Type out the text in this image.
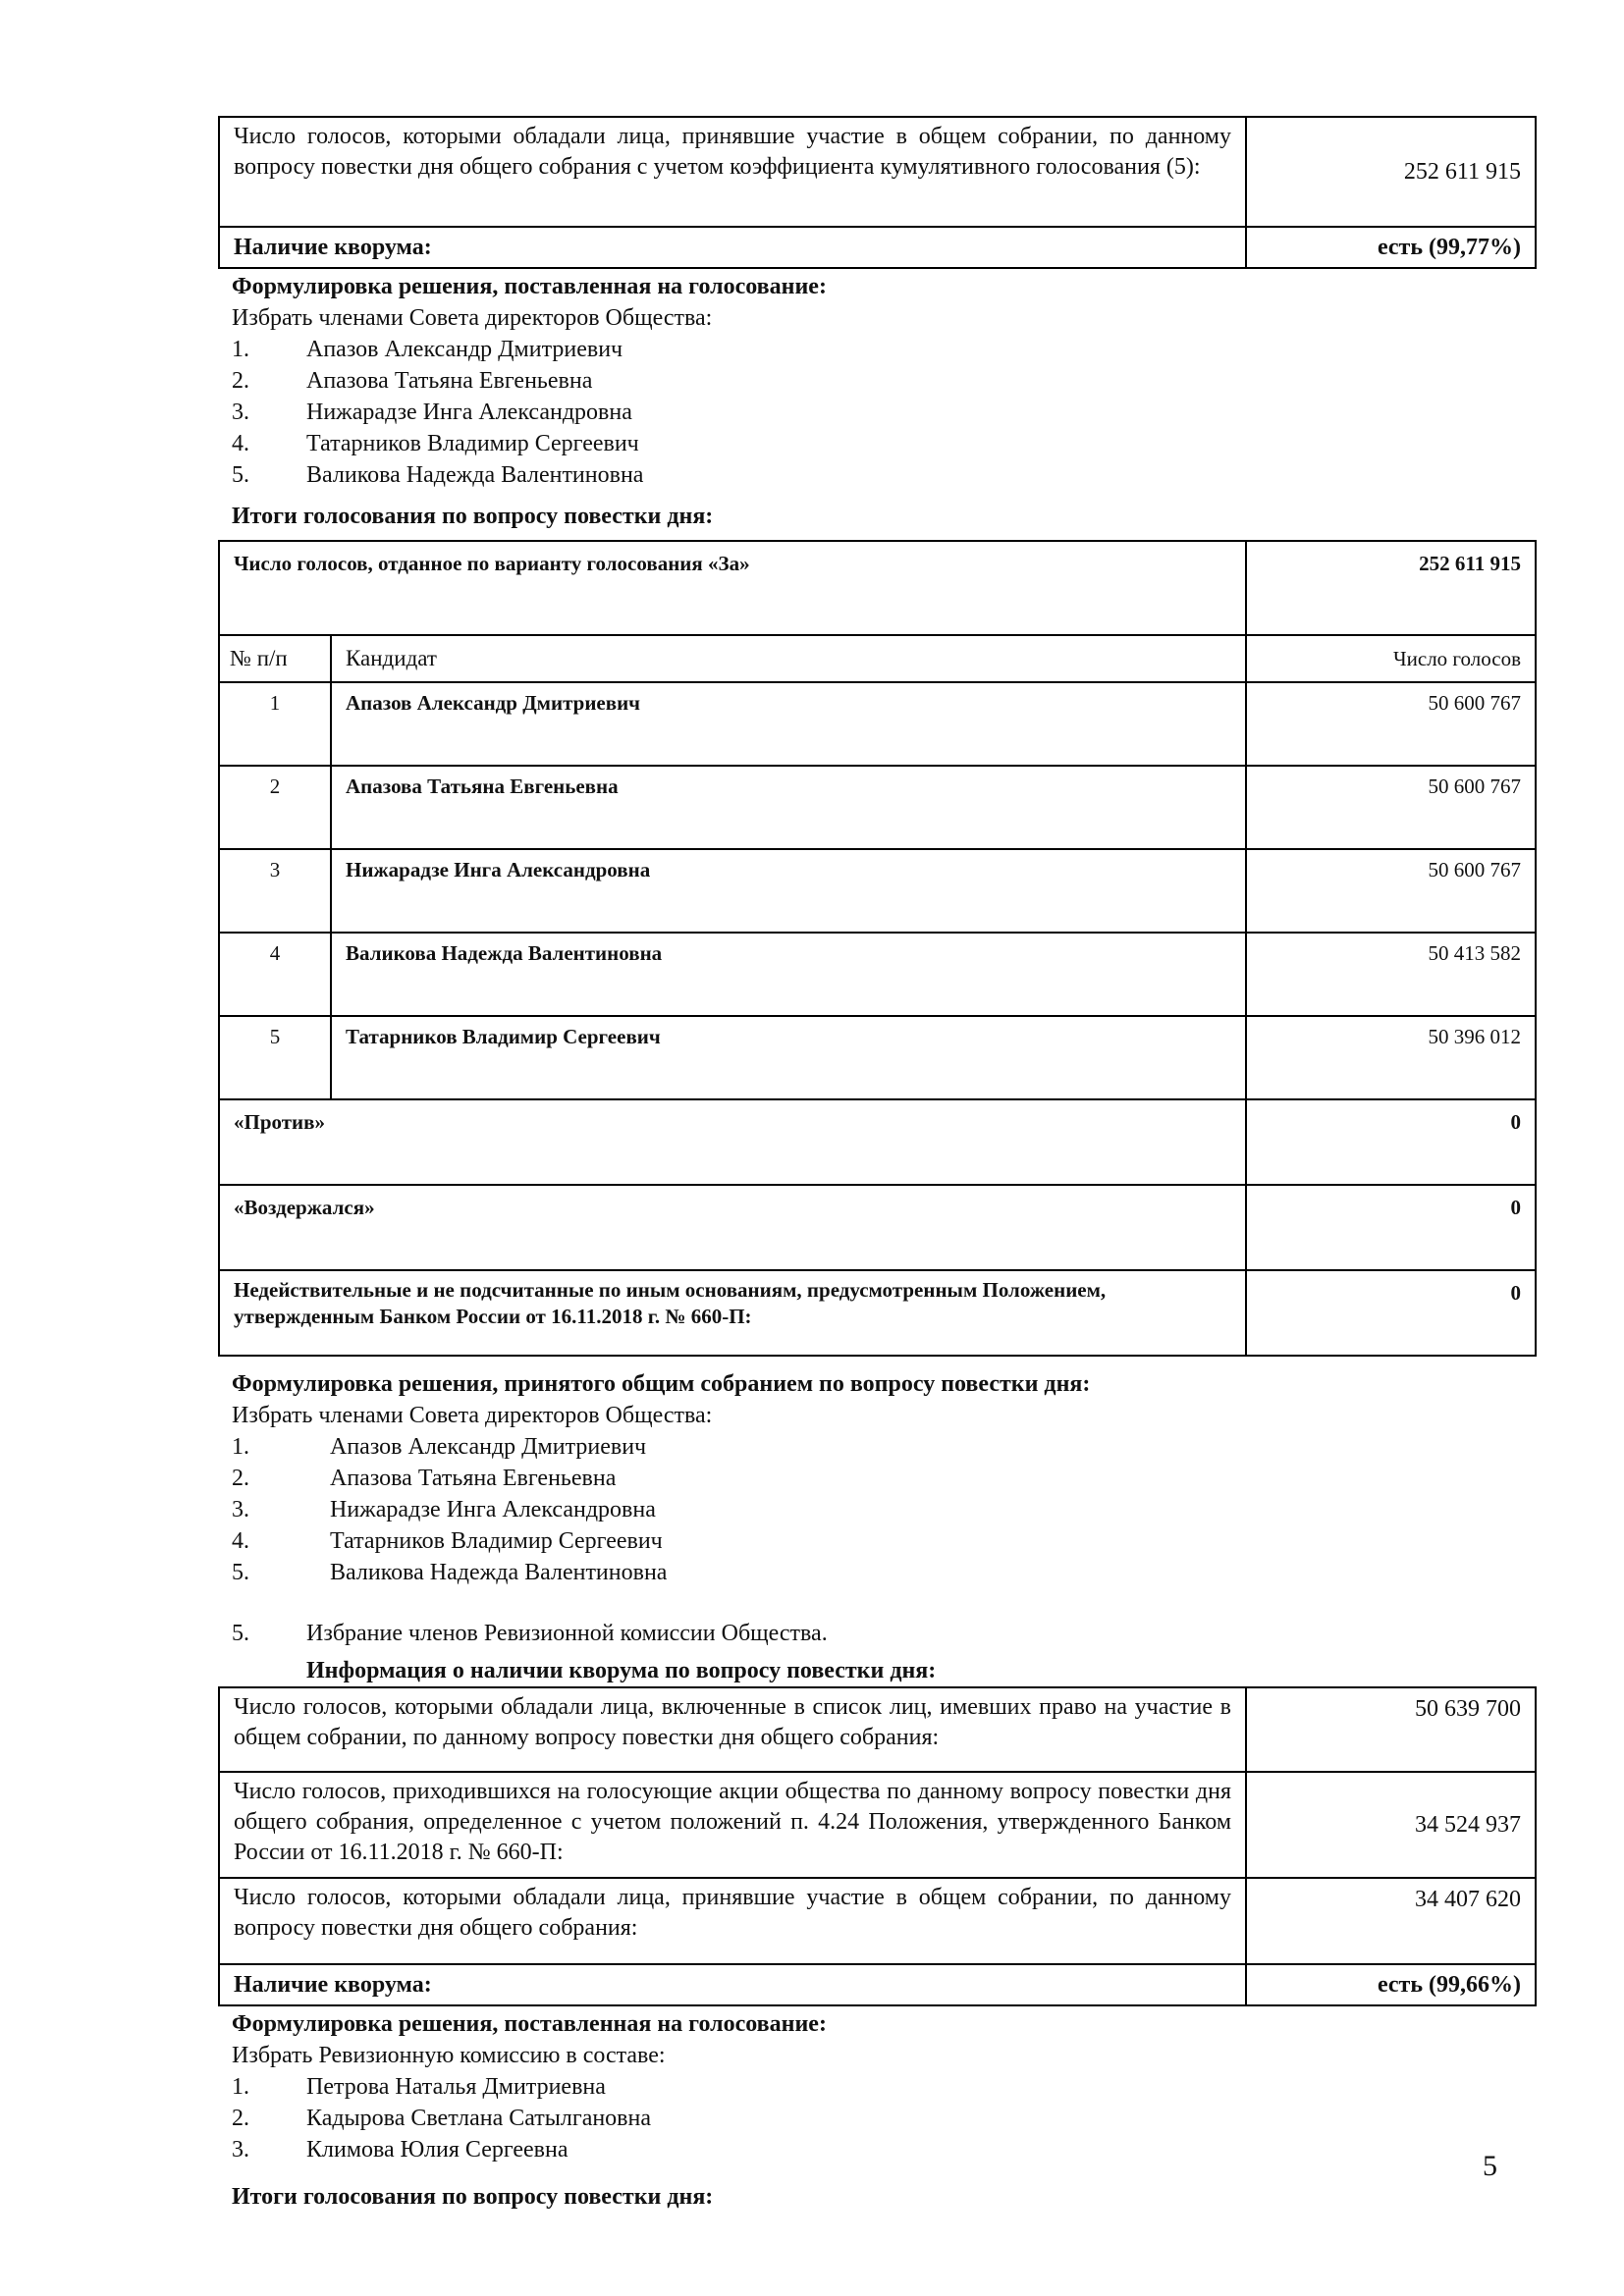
Число голосов, которыми обладали лица, принявшие участие в общем собрании, по данному вопросу повестки дня общего собрания с учетом коэффициента кумулятивного голосования (5):	252 611 915
Наличие кворума:	есть (99,77%)

Формулировка решения, поставленная на голосование:

Избрать членами Совета директоров Общества:

1.	Апазов Александр Дмитриевич
2.	Апазова Татьяна Евгеньевна
3.	Нижарадзе Инга Александровна
4.	Татарников Владимир Сергеевич
5.	Валикова Надежда Валентиновна

Итоги голосования по вопросу повестки дня:

Число голосов, отданное по варианту голосования «За»		252 611 915
№ п/п	Кандидат	Число голосов
1	Апазов Александр Дмитриевич	50 600 767
2	Апазова Татьяна Евгеньевна	50 600 767
3	Нижарадзе Инга Александровна	50 600 767
4	Валикова Надежда Валентиновна	50 413 582
5	Татарников Владимир Сергеевич	50 396 012
«Против»		0
«Воздержался»		0
Недействительные и не подсчитанные по иным основаниям, предусмотренным Положением, утвержденным Банком России от 16.11.2018 г. № 660-П:		0

Формулировка решения, принятого общим собранием по вопросу повестки дня:

Избрать членами Совета директоров Общества:

1.	Апазов Александр Дмитриевич
2.	Апазова Татьяна Евгеньевна
3.	Нижарадзе Инга Александровна
4.	Татарников Владимир Сергеевич
5.	Валикова Надежда Валентиновна
5.	Избрание членов Ревизионной комиссии Общества.

Информация о наличии кворума по вопросу повестки дня:

Число голосов, которыми обладали лица, включенные в список лиц, имевших право на участие в общем собрании, по данному вопросу повестки дня общего собрания:	50 639 700
Число голосов, приходившихся на голосующие акции общества по данному вопросу повестки дня общего собрания, определенное с учетом положений п. 4.24 Положения, утвержденного Банком России от 16.11.2018 г. № 660-П:	34 524 937
Число голосов, которыми обладали лица, принявшие участие в общем собрании, по данному вопросу повестки дня общего собрания:	34 407 620
Наличие кворума:	есть (99,66%)

Формулировка решения, поставленная на голосование:

Избрать Ревизионную комиссию в составе:

1.	Петрова Наталья Дмитриевна
2.	Кадырова Светлана Сатылгановна
3.	Климова Юлия Сергеевна

Итоги голосования по вопросу повестки дня:

5
